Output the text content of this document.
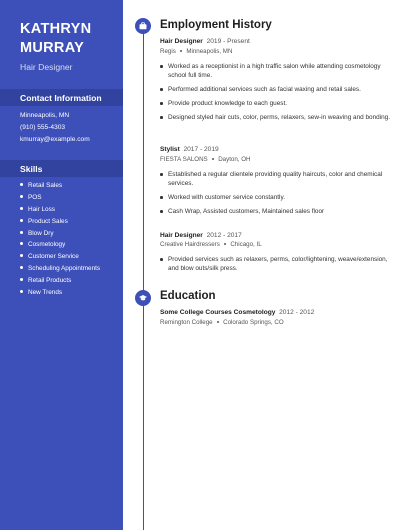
KATHRYN
MURRAY
Hair Designer
Contact Information
Minneapolis, MN
(910) 555-4303
kmurray@example.com
Skills
Retail Sales
POS
Hair Loss
Product Sales
Blow Dry
Cosmetology
Customer Service
Scheduling Appointments
Retail Products
New Trends
Employment History
Hair Designer 2019 - Present
Regis Minneapolis, MN
Worked as a receptionist in a high traffic salon while attending cosmetology school full time.
Performed additional services such as facial waxing and retail sales.
Provide product knowledge to each guest.
Designed styled hair cuts, color, perms, relaxers, sew-in weaving and bonding.
Stylist 2017 - 2019
FIESTA SALONS Dayton, OH
Established a regular clientele providing quality haircuts, color and chemical services.
Worked with customer service constantly.
Cash Wrap, Assisted customers, Maintained sales floor
Hair Designer 2012 - 2017
Creative Hairdressers Chicago, IL
Provided services such as relaxers, perms, color/lightening, weave/extension, and blow outs/silk press.
Education
Some College Courses Cosmetology 2012 - 2012
Remington College Colorado Springs, CO
